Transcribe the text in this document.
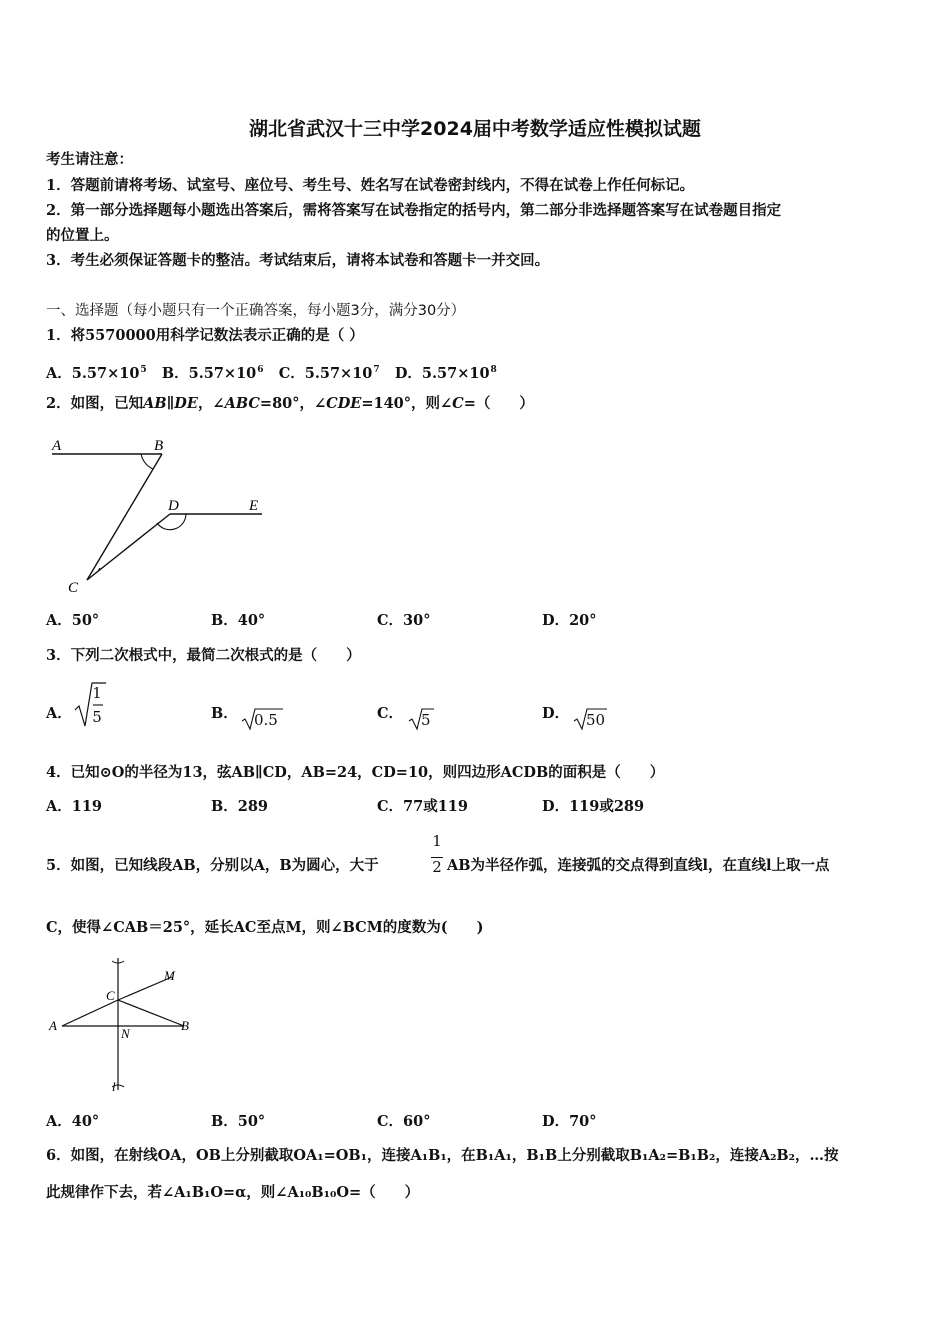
湖北省武汉十三中学2024届中考数学适应性模拟试题
考生请注意：
1．答题前请将考场、试室号、座位号、考生号、姓名写在试卷密封线内，不得在试卷上作任何标记。
2．第一部分选择题每小题选出答案后，需将答案写在试卷指定的括号内，第二部分非选择题答案写在试卷题目指定
的位置上。
3．考生必须保证答题卡的整洁。考试结束后，请将本试卷和答题卡一并交回。
一、选择题（每小题只有一个正确答案，每小题3分，满分30分）
1．将5570000用科学记数法表示正确的是（ ）
A．$5.57\times 10^5$ B．$5.57\times 10^6$ C．$5.57\times 10^7$ D．$5.57\times 10^8$
2．如图，已知AB∥DE，∠ABC=80°，∠CDE=140°，则∠C=（　　）
A	B
C
D	E
A．50°	B．40°	C．30°	D．20°
3．下列二次根式中，最简二次根式的是（　　）
A．
1
5	B． 0.5	C． 5	D． 50
4．已知⊙O的半径为13，弦AB∥CD，AB=24，CD=10，则四边形ACDB的面积是（　　）
A．119	B．289	C．77或119	D．119或289
5．如图，已知线段AB，分别以A，B为圆心，大于
1
2 AB为半径作弧，连接弧的交点得到直线l，在直线l上取一点
C，使得∠CAB＝25°，延长AC至点M，则∠BCM的度数为(　　)
A	B
C
M
N
l
A．40°	B．50°	C．60°	D．70°
6．如图，在射线OA，OB上分别截取OA₁=OB₁，连接A₁B₁，在B₁A₁，B₁B上分别截取B₁A₂=B₁B₂，连接A₂B₂，…按
此规律作下去，若∠A₁B₁O=α，则∠A₁₀B₁₀O=（　　）
